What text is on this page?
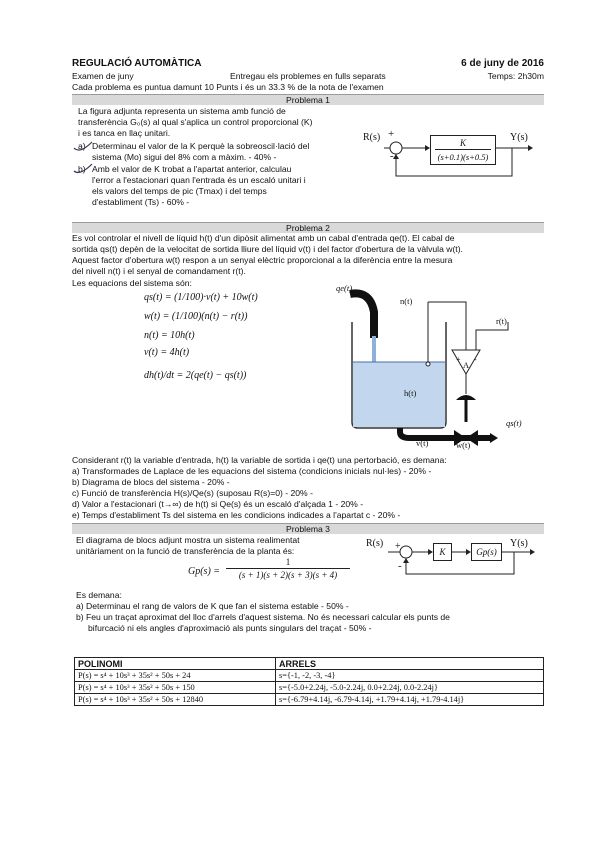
REGULACIÓ AUTOMÀTICA	6 de juny de 2016
Examen de juny	Entregau els problemes en fulls separats	Temps: 2h30m
Cada problema es puntua damunt 10 Punts i és un 33.3 % de la nota de l'examen
Problema 1
La figura adjunta representa un sistema amb funció de
transferència G₀(s) al qual s'aplica un control proporcional (K)
i es tanca en llaç unitari.
a) Determinau el valor de la K perquè la sobreoscil·lació del
sistema (Mo) sigui del 8% com a màxim. - 40% -
b) Amb el valor de K trobat a l'apartat anterior, calculau
l'error a l'estacionari quan l'entrada és un escaló unitari i
els valors del temps de pic (Tmax) i del temps
d'establiment (Ts) - 60% -
R(s) +
-	$\frac{K}{(s+0.1)(s+0.5)} Y(s)$
Problema 2
Es vol controlar el nivell de líquid h(t) d'un dipòsit alimentat amb un cabal d'entrada qe(t). El cabal de
sortida qs(t) depèn de la velocitat de sortida lliure del líquid v(t) i del factor d'obertura de la vàlvula w(t).
Aquest factor d'obertura w(t) respon a un senyal elèctric proporcional a la diferència entre la mesura
del nivell n(t) i el senyal de comandament r(t).
Les equacions del sistema són:
qs(t) = (1/100)·v(t) + 10w(t)
w(t) = (1/100)(n(t) − r(t))
n(t) = 10h(t)
v(t) = 4h(t)
dh(t)/dt = 2(qe(t) − qs(t))
qe(t)
n(t)
r(t)
h(t)
+ -
A
v(t)	w(t)
qs(t)
Considerant r(t) la variable d'entrada, h(t) la variable de sortida i qe(t) una pertorbació, es demana:
a) Transformades de Laplace de les equacions del sistema (condicions inicials nul·les) - 20% -
b) Diagrama de blocs del sistema - 20% -
c) Funció de transferència H(s)/Qe(s) (suposau R(s)=0) - 20% -
d) Valor a l'estacionari (t→∞) de h(t) si Qe(s) és un escaló d'alçada 1 - 20% -
e) Temps d'establiment Ts del sistema en les condicions indicades a l'apartat c - 20% -
Problema 3
El diagrama de blocs adjunt mostra un sistema realimentat
unitàriament on la funció de transferència de la planta és:
Gp(s) =
1
(s + 1)(s + 2)(s + 3)(s + 4)
R(s) +
-
K	Gp(s)
Y(s)
Es demana:
a) Determinau el rang de valors de K que fan el sistema estable - 50% -
b) Feu un traçat aproximat del lloc d'arrels d'aquest sistema. No és necessari calcular els punts de
bifurcació ni els angles d'aproximació als punts singulars del traçat - 50% -
POLINOMI	ARRELS
P(s) = s⁴ + 10s³ + 35s² + 50s + 24	s={-1, -2, -3, -4}
P(s) = s⁴ + 10s³ + 35s² + 50s + 150	s={-5.0+2.24j, -5.0-2.24j, 0.0+2.24j, 0.0-2.24j}
P(s) = s⁴ + 10s³ + 35s² + 50s + 12840	s={-6.79+4.14j, -6.79-4.14j, +1.79+4.14j, +1.79-4.14j}
